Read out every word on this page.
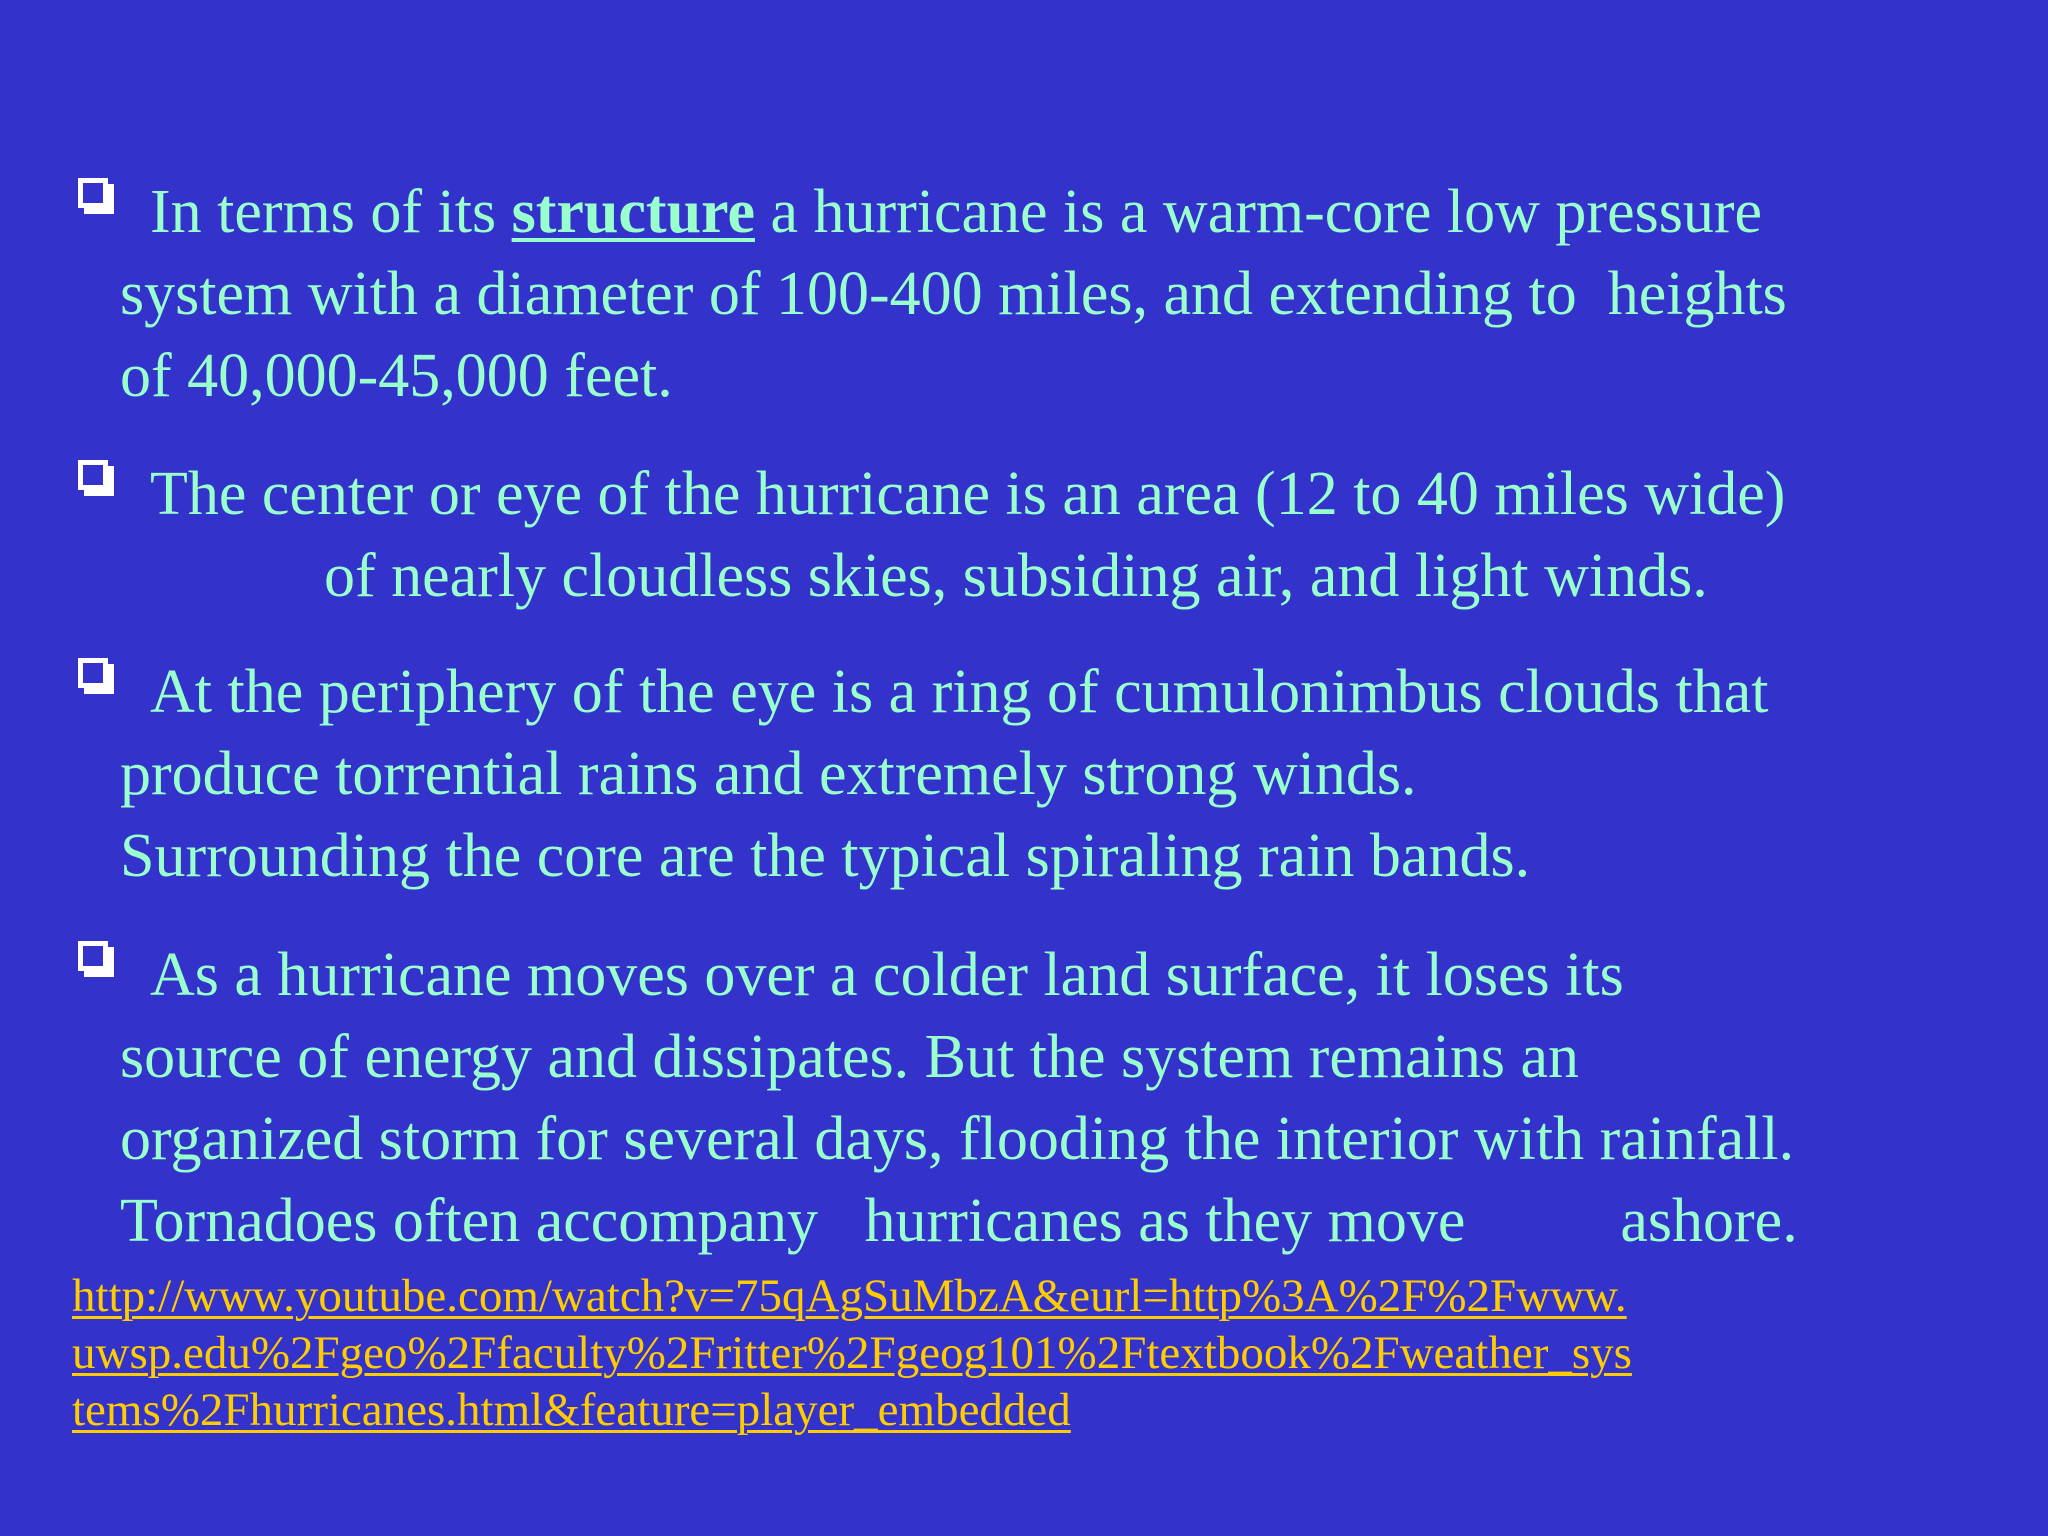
In terms of its structure a hurricane is a warm-core low pressure
system with a diameter of 100-400 miles, and extending to  heights
of 40,000-45,000 feet.
The center or eye of the hurricane is an area (12 to 40 miles wide)
of nearly cloudless skies, subsiding air, and light winds.
At the periphery of the eye is a ring of cumulonimbus clouds that
produce torrential rains and extremely strong winds.
Surrounding the core are the typical spiraling rain bands.
As a hurricane moves over a colder land surface, it loses its
source of energy and dissipates. But the system remains an
organized storm for several days, flooding the interior with rainfall.
Tornadoes often accompany   hurricanes as they move          ashore.
http://www.youtube.com/watch?v=75qAgSuMbzA&eurl=http%3A%2F%2Fwww.
uwsp.edu%2Fgeo%2Ffaculty%2Fritter%2Fgeog101%2Ftextbook%2Fweather_sys
tems%2Fhurricanes.html&feature=player_embedded
